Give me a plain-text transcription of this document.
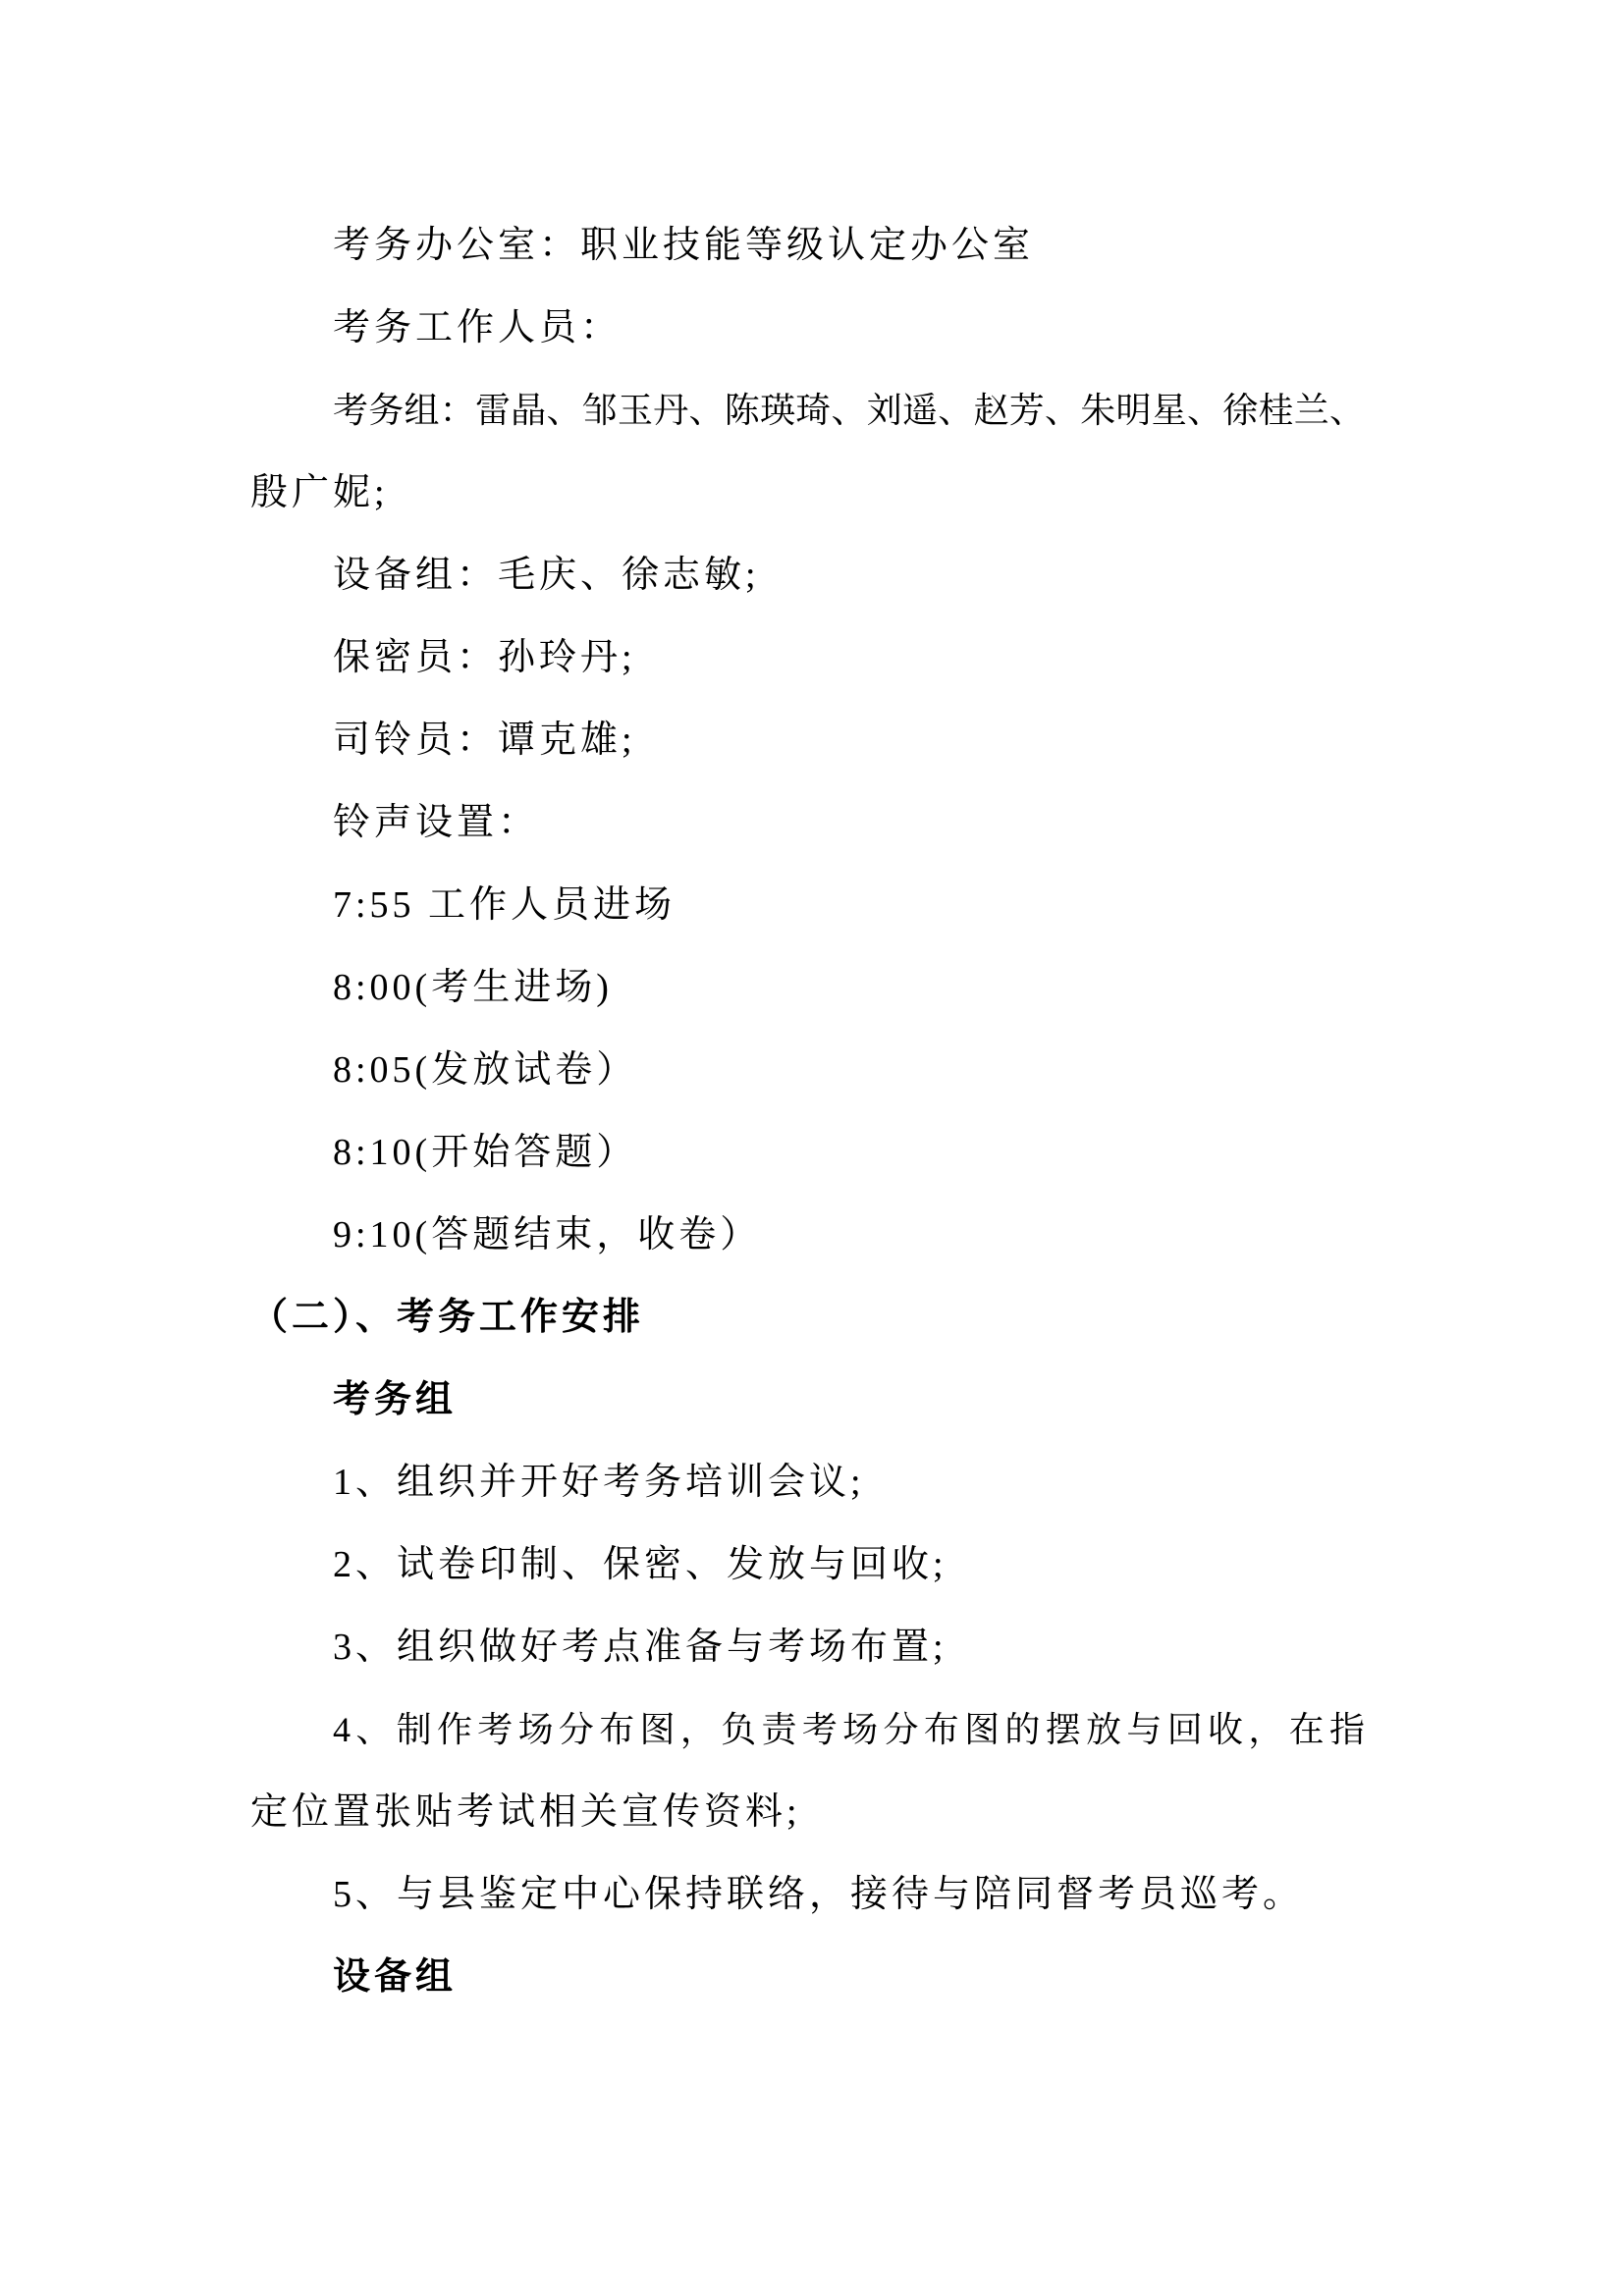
考务办公室：职业技能等级认定办公室
考务工作人员：
考务组：雷晶、邹玉丹、陈瑛琦、刘遥、赵芳、朱明星、徐桂兰、
殷广妮;
设备组：毛庆、徐志敏;
保密员：孙玲丹;
司铃员：谭克雄;
铃声设置：
7:55 工作人员进场
8:00(考生进场)
8:05(发放试卷）
8:10(开始答题）
9:10(答题结束，收卷）
（二）、考务工作安排
考务组
1、组织并开好考务培训会议;
2、试卷印制、保密、发放与回收;
3、组织做好考点准备与考场布置;
4、制作考场分布图，负责考场分布图的摆放与回收，在指
定位置张贴考试相关宣传资料;
5、与县鉴定中心保持联络，接待与陪同督考员巡考。
设备组
